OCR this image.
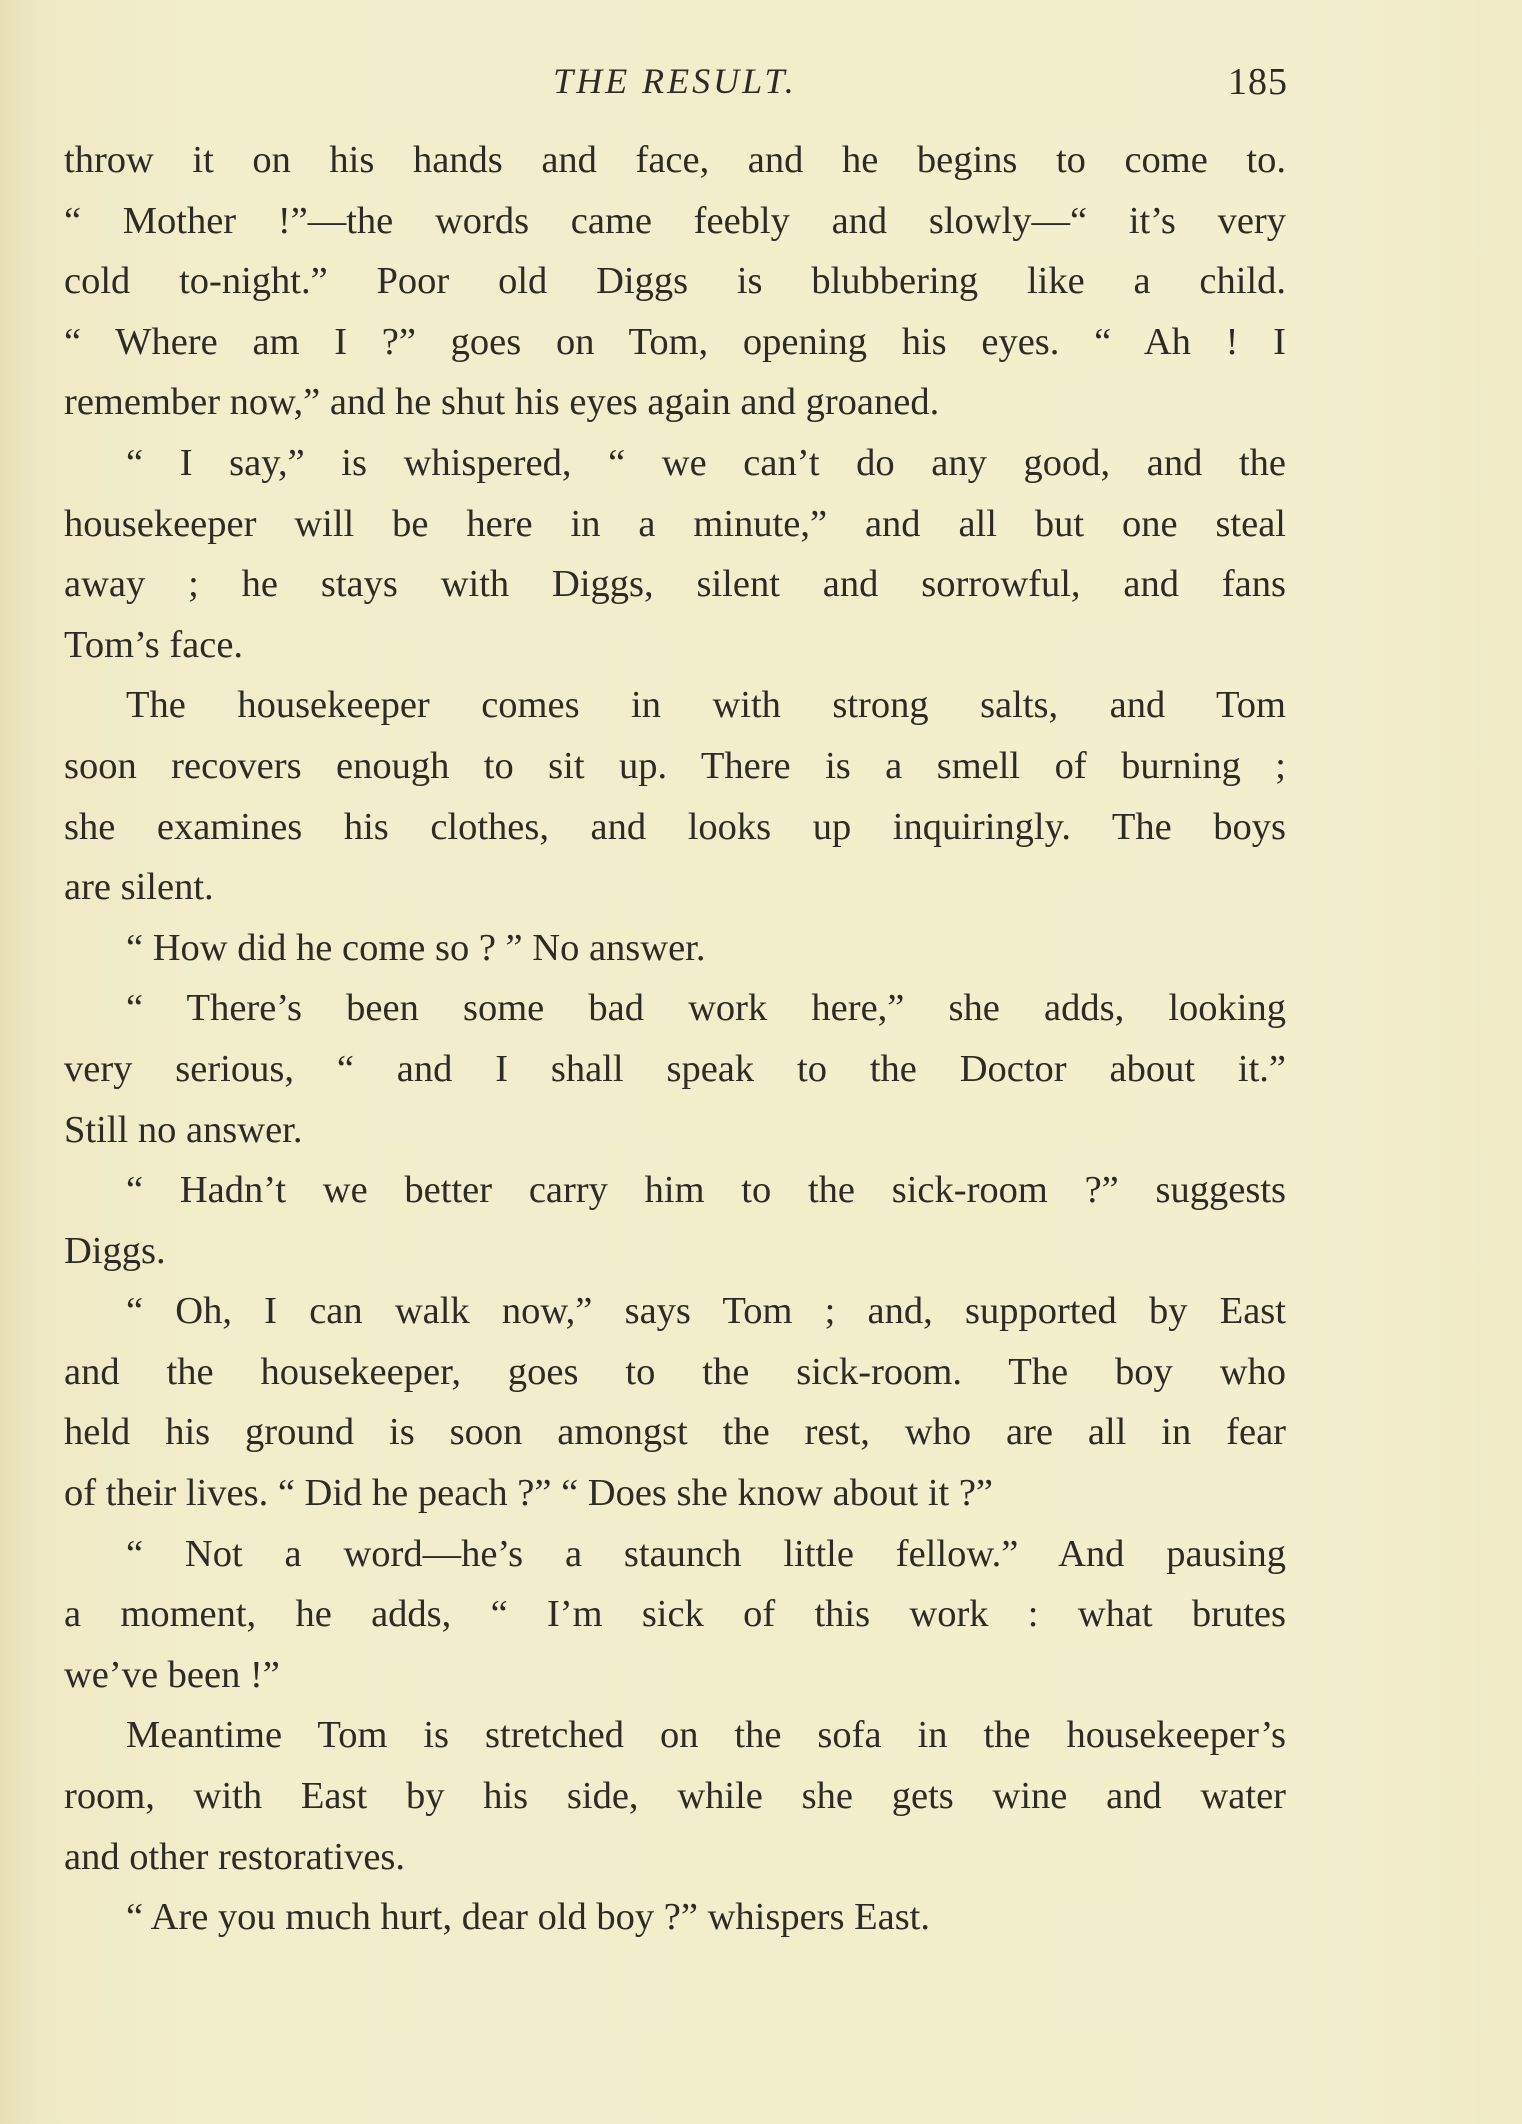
THE RESULT.	185
throw it on his hands and face, and he begins to come to.
“ Mother !”—the words came feebly and slowly—“ it’s very
cold to-night.” Poor old Diggs is blubbering like a child.
“ Where am I ?” goes on Tom, opening his eyes. “ Ah ! I
remember now,” and he shut his eyes again and groaned.
“ I say,” is whispered, “ we can’t do any good, and the
housekeeper will be here in a minute,” and all but one steal
away ; he stays with Diggs, silent and sorrowful, and fans
Tom’s face.
The housekeeper comes in with strong salts, and Tom
soon recovers enough to sit up. There is a smell of burning ;
she examines his clothes, and looks up inquiringly. The boys
are silent.
“ How did he come so ? ” No answer.
“ There’s been some bad work here,” she adds, looking
very serious, “ and I shall speak to the Doctor about it.”
Still no answer.
“ Hadn’t we better carry him to the sick-room ?” suggests
Diggs.
“ Oh, I can walk now,” says Tom ; and, supported by East
and the housekeeper, goes to the sick-room. The boy who
held his ground is soon amongst the rest, who are all in fear
of their lives. “ Did he peach ?” “ Does she know about it ?”
“ Not a word—he’s a staunch little fellow.” And pausing
a moment, he adds, “ I’m sick of this work : what brutes
we’ve been !”
Meantime Tom is stretched on the sofa in the housekeeper’s
room, with East by his side, while she gets wine and water
and other restoratives.
“ Are you much hurt, dear old boy ?” whispers East.
